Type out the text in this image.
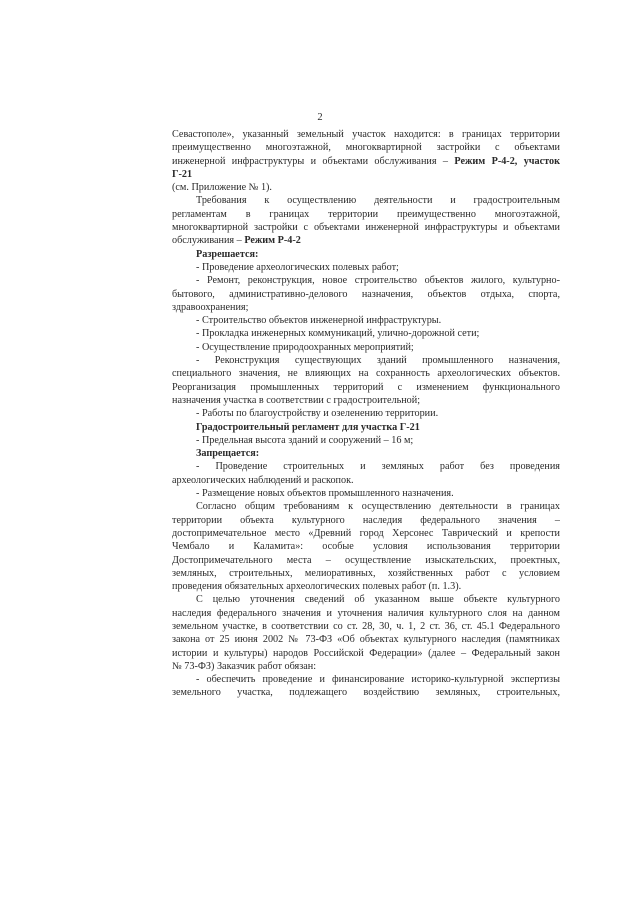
2
Севастополе», указанный земельный участок находится: в границах территории
преимущественно многоэтажной, многоквартирной застройки с объектами
инженерной инфраструктуры и объектами обслуживания – Режим Р-4-2, участок
Г-21
(см. Приложение № 1).
Требования к осуществлению деятельности и градостроительным
регламентам в границах территории преимущественно многоэтажной,
многоквартирной застройки с объектами инженерной инфраструктуры и объектами
обслуживания – Режим Р-4-2
Разрешается:
- Проведение археологических полевых работ;
- Ремонт, реконструкция, новое строительство объектов жилого, культурно-
бытового, административно-делового назначения, объектов отдыха, спорта,
здравоохранения;
- Строительство объектов инженерной инфраструктуры.
- Прокладка инженерных коммуникаций, улично-дорожной сети;
- Осуществление природоохранных мероприятий;
- Реконструкция существующих зданий промышленного назначения,
специального значения, не влияющих на сохранность археологических объектов.
Реорганизация промышленных территорий с изменением функционального
назначения участка в соответствии с градостроительной;
- Работы по благоустройству и озеленению территории.
Градостроительный регламент для участка Г-21
- Предельная высота зданий и сооружений – 16 м;
Запрещается:
- Проведение строительных и земляных работ без проведения
археологических наблюдений и раскопок.
- Размещение новых объектов промышленного назначения.
Согласно общим требованиям к осуществлению деятельности в границах
территории объекта культурного наследия федерального значения –
достопримечательное место «Древний город Херсонес Таврический и крепости
Чембало и Каламита»: особые условия использования территории
Достопримечательного места – осуществление изыскательских, проектных,
земляных, строительных, мелиоративных, хозяйственных работ с условием
проведения обязательных археологических полевых работ (п. 1.3).
С целью уточнения сведений об указанном выше объекте культурного
наследия федерального значения и уточнения наличия культурного слоя на данном
земельном участке, в соответствии со ст. 28, 30, ч. 1, 2 ст. 36, ст. 45.1 Федерального
закона от 25 июня 2002 № 73-ФЗ «Об объектах культурного наследия (памятниках
истории и культуры) народов Российской Федерации» (далее – Федеральный закон
№ 73-ФЗ) Заказчик работ обязан:
- обеспечить проведение и финансирование историко-культурной экспертизы
земельного участка, подлежащего воздействию земляных, строительных,
